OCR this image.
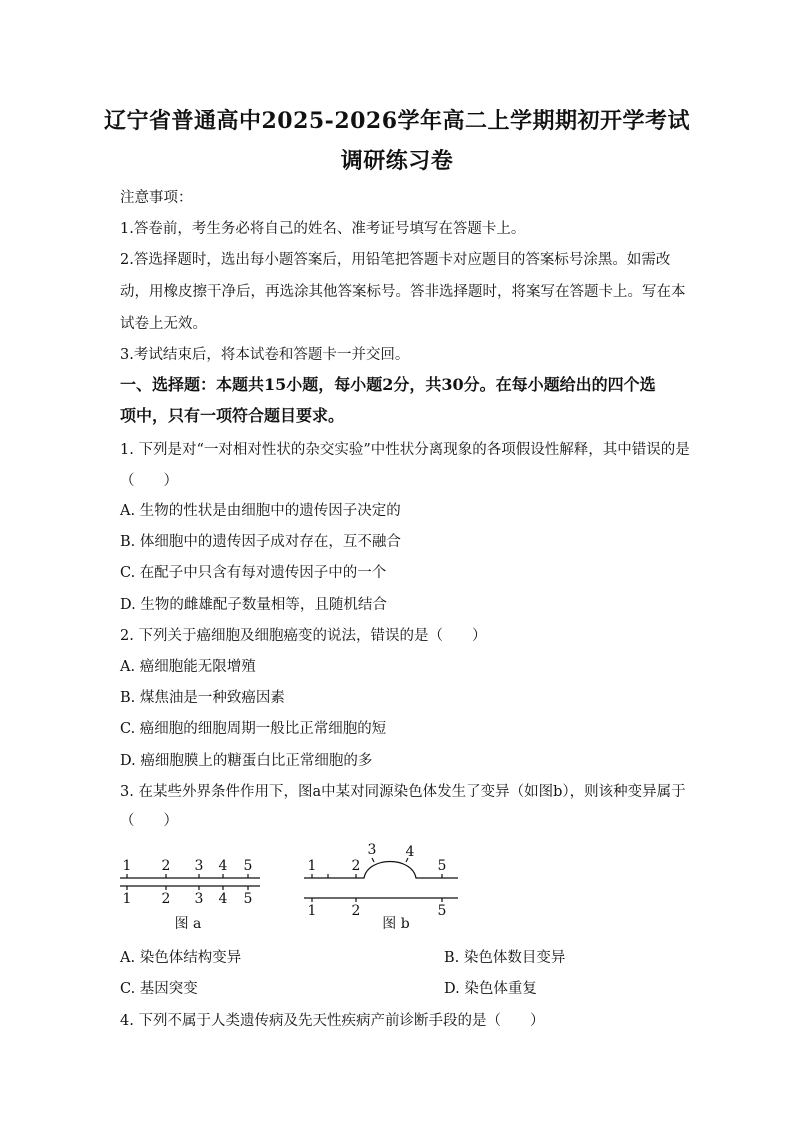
辽宁省普通高中2025-2026学年高二上学期期初开学考试
调研练习卷
注意事项：
1.答卷前，考生务必将自己的姓名、准考证号填写在答题卡上。
2.答选择题时，选出每小题答案后，用铅笔把答题卡对应题目的答案标号涂黑。如需改
动，用橡皮擦干净后，再选涂其他答案标号。答非选择题时，将案写在答题卡上。写在本
试卷上无效。
3.考试结束后，将本试卷和答题卡一并交回。
一、选择题：本题共15小题，每小题2分，共30分。在每小题给出的四个选
项中，只有一项符合题目要求。
1. 下列是对“一对相对性状的杂交实验”中性状分离现象的各项假设性解释，其中错误的是
（　　）
A. 生物的性状是由细胞中的遗传因子决定的
B. 体细胞中的遗传因子成对存在，互不融合
C. 在配子中只含有每对遗传因子中的一个
D. 生物的雌雄配子数量相等，且随机结合
2. 下列关于癌细胞及细胞癌变的说法，错误的是（　　）
A. 癌细胞能无限增殖
B. 煤焦油是一种致癌因素
C. 癌细胞的细胞周期一般比正常细胞的短
D. 癌细胞膜上的糖蛋白比正常细胞的多
3. 在某些外界条件作用下，图a中某对同源染色体发生了变异（如图b），则该种变异属于
（　　）
1 2 3 4 5
1 2 3 4 5
图 a
1	2
3 4
5
1	2	5
图 b
A. 染色体结构变异	B. 染色体数目变异
C. 基因突变	D. 染色体重复
4. 下列不属于人类遗传病及先天性疾病产前诊断手段的是（　　）
